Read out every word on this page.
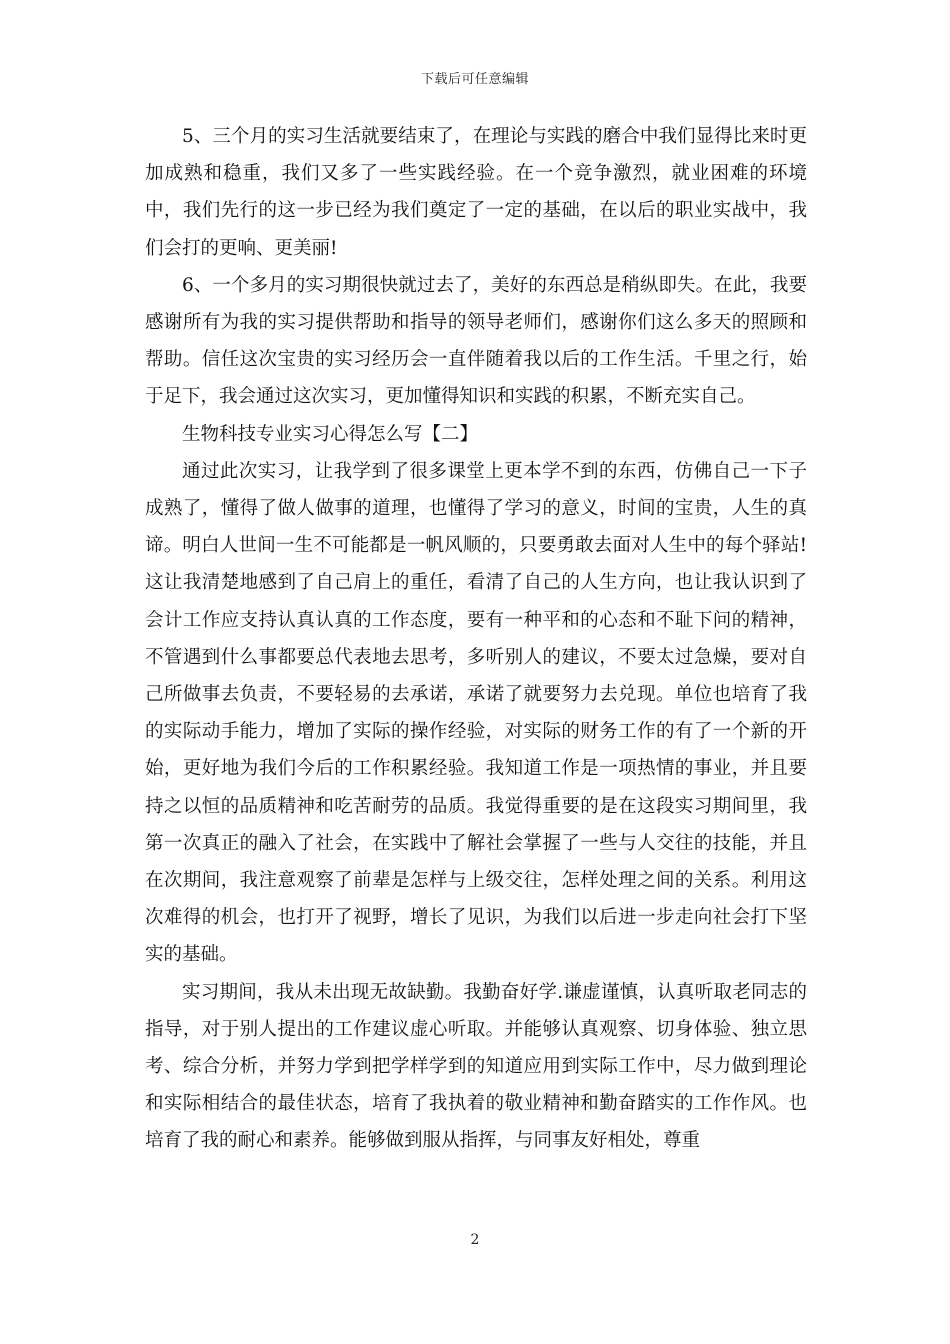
下载后可任意编辑

5、三个月的实习生活就要结束了，在理论与实践的磨合中我们显得比来时更加成熟和稳重，我们又多了一些实践经验。在一个竞争激烈，就业困难的环境中，我们先行的这一步已经为我们奠定了一定的基础，在以后的职业实战中，我们会打的更响、更美丽!

6、一个多月的实习期很快就过去了，美好的东西总是稍纵即失。在此，我要感谢所有为我的实习提供帮助和指导的领导老师们，感谢你们这么多天的照顾和帮助。信任这次宝贵的实习经历会一直伴随着我以后的工作生活。千里之行，始于足下，我会通过这次实习，更加懂得知识和实践的积累，不断充实自己。

生物科技专业实习心得怎么写【二】

通过此次实习，让我学到了很多课堂上更本学不到的东西，仿佛自己一下子成熟了，懂得了做人做事的道理，也懂得了学习的意义，时间的宝贵，人生的真谛。明白人世间一生不可能都是一帆风顺的，只要勇敢去面对人生中的每个驿站!这让我清楚地感到了自己肩上的重任，看清了自己的人生方向，也让我认识到了会计工作应支持认真认真的工作态度，要有一种平和的心态和不耻下问的精神，不管遇到什么事都要总代表地去思考，多听别人的建议，不要太过急燥，要对自己所做事去负责，不要轻易的去承诺，承诺了就要努力去兑现。单位也培育了我的实际动手能力，增加了实际的操作经验，对实际的财务工作的有了一个新的开始，更好地为我们今后的工作积累经验。我知道工作是一项热情的事业，并且要持之以恒的品质精神和吃苦耐劳的品质。我觉得重要的是在这段实习期间里，我第一次真正的融入了社会，在实践中了解社会掌握了一些与人交往的技能，并且在次期间，我注意观察了前辈是怎样与上级交往，怎样处理之间的关系。利用这次难得的机会，也打开了视野，增长了见识，为我们以后进一步走向社会打下坚实的基础。

实习期间，我从未出现无故缺勤。我勤奋好学.谦虚谨慎，认真听取老同志的指导，对于别人提出的工作建议虚心听取。并能够认真观察、切身体验、独立思考、综合分析，并努力学到把学样学到的知道应用到实际工作中，尽力做到理论和实际相结合的最佳状态，培育了我执着的敬业精神和勤奋踏实的工作作风。也培育了我的耐心和素养。能够做到服从指挥，与同事友好相处，尊重

2
